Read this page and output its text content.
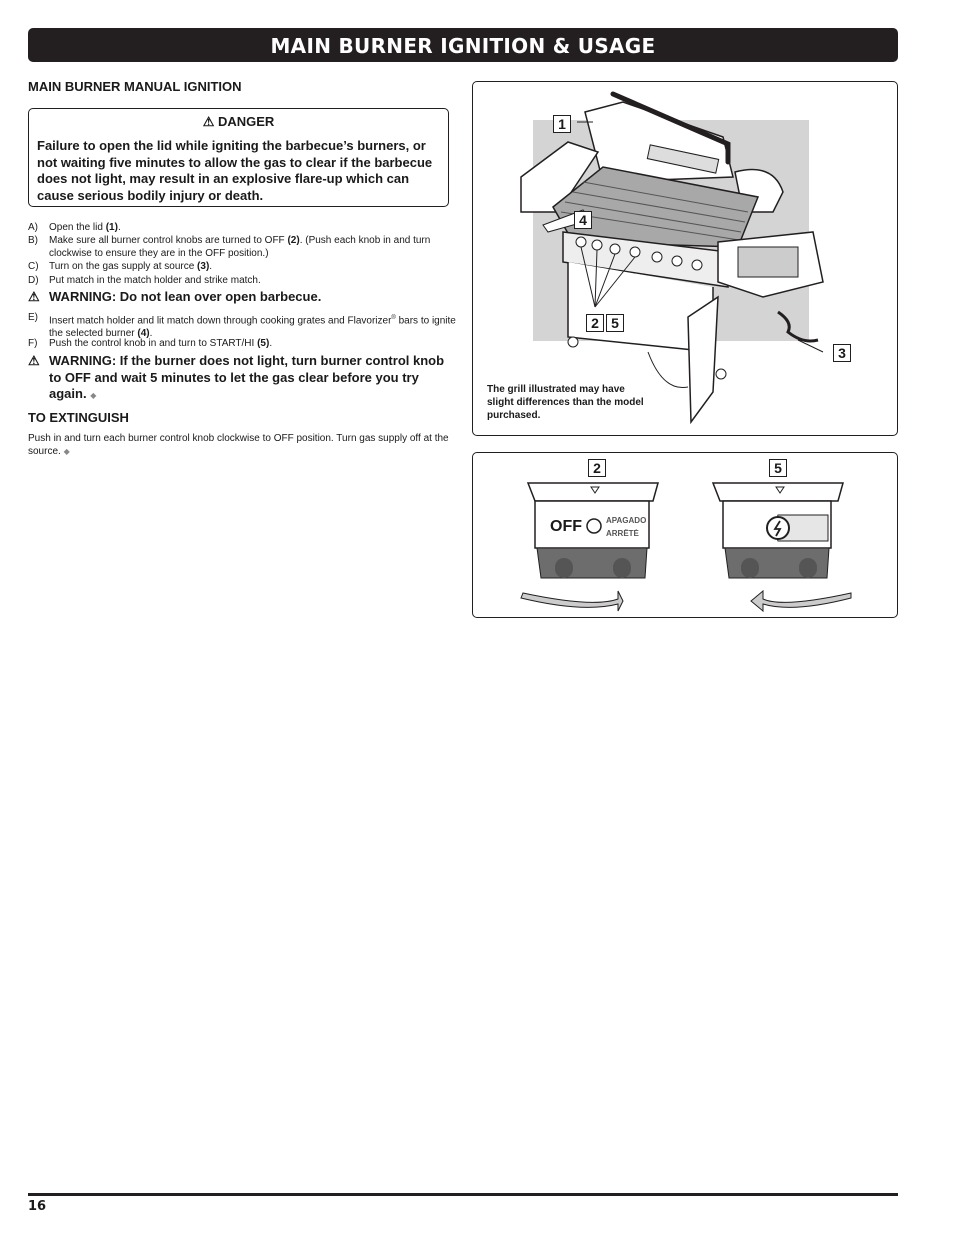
MAIN BURNER IGNITION & USAGE
MAIN BURNER MANUAL IGNITION
⚠ DANGER
Failure to open the lid while igniting the barbecue’s burners, or not waiting five minutes to allow the gas to clear if the barbecue does not light, may result in an explosive flare-up which can cause serious bodily injury or death.
A) Open the lid (1).
B) Make sure all burner control knobs are turned to OFF (2). (Push each knob in and turn clockwise to ensure they are in the OFF position.)
C) Turn on the gas supply at source (3).
D) Put match in the match holder and strike match.
⚠ WARNING: Do not lean over open barbecue.
E) Insert match holder and lit match down through cooking grates and Flavorizer® bars to ignite the selected burner (4).
F) Push the control knob in and turn to START/HI (5).
⚠ WARNING: If the burner does not light, turn burner control knob to OFF and wait 5 minutes to let the gas clear before you try again. ◆
TO EXTINGUISH
Push in and turn each burner control knob clockwise to OFF position. Turn gas supply off at the source. ◆
1
4
2 5
3
The grill illustrated may have slight differences than the model purchased.
2	5
OFF	APAGADO
ARRÊTÉ
16
